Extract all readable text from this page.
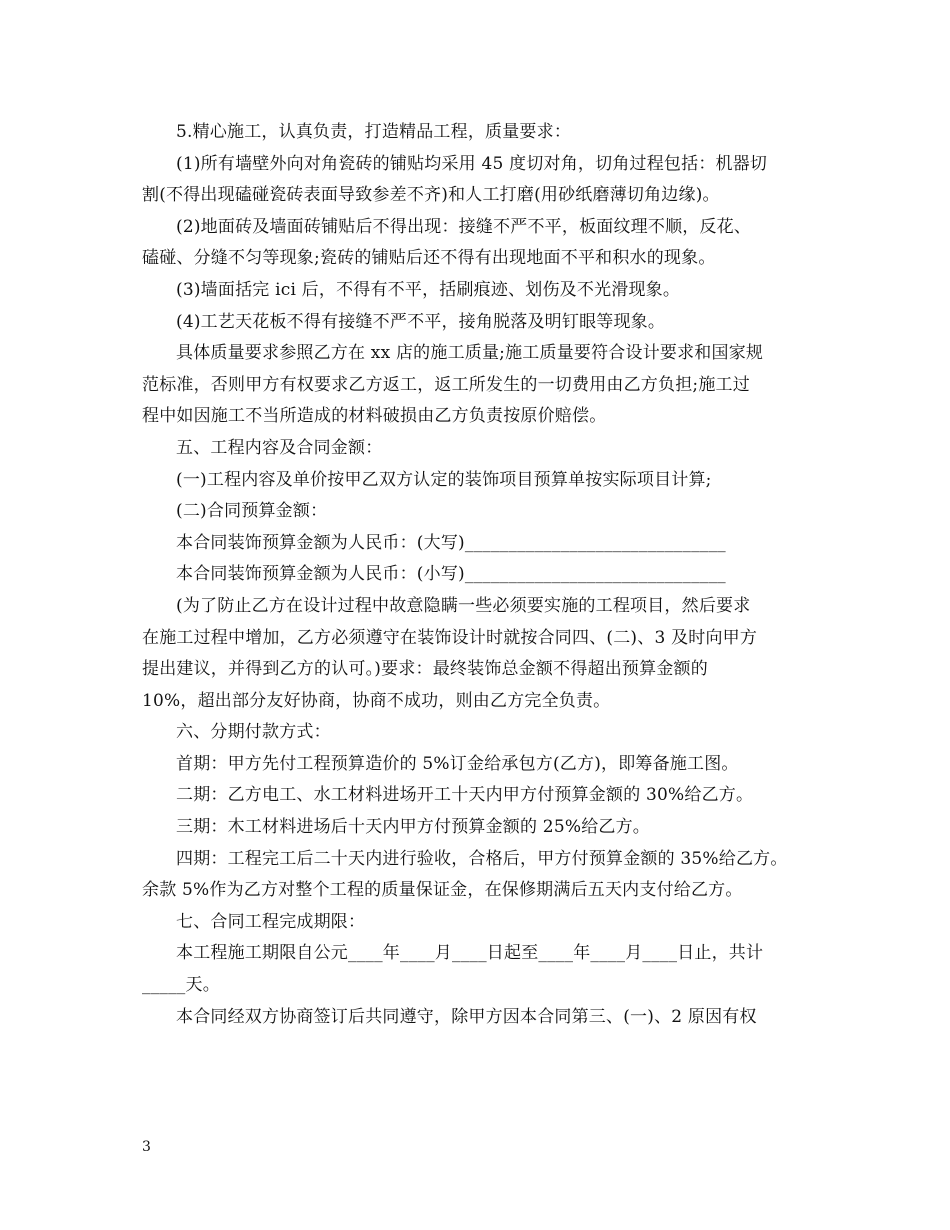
5.精心施工，认真负责，打造精品工程，质量要求：
(1)所有墙壁外向对角瓷砖的铺贴均采用 45 度切对角，切角过程包括：机器切
割(不得出现磕碰瓷砖表面导致参差不齐)和人工打磨(用砂纸磨薄切角边缘)。
(2)地面砖及墙面砖铺贴后不得出现：接缝不严不平，板面纹理不顺，反花、
磕碰、分缝不匀等现象;瓷砖的铺贴后还不得有出现地面不平和积水的现象。
(3)墙面括完 ici 后，不得有不平，括刷痕迹、划伤及不光滑现象。
(4)工艺天花板不得有接缝不严不平，接角脱落及明钉眼等现象。
具体质量要求参照乙方在 xx 店的施工质量;施工质量要符合设计要求和国家规
范标准，否则甲方有权要求乙方返工，返工所发生的一切费用由乙方负担;施工过
程中如因施工不当所造成的材料破损由乙方负责按原价赔偿。
五、工程内容及合同金额：
(一)工程内容及单价按甲乙双方认定的装饰项目预算单按实际项目计算;
(二)合同预算金额：
本合同装饰预算金额为人民币：(大写)______________________________
本合同装饰预算金额为人民币：(小写)______________________________
(为了防止乙方在设计过程中故意隐瞒一些必须要实施的工程项目，然后要求
在施工过程中增加，乙方必须遵守在装饰设计时就按合同四、(二)、3 及时向甲方
提出建议，并得到乙方的认可。)要求：最终装饰总金额不得超出预算金额的
10%，超出部分友好协商，协商不成功，则由乙方完全负责。
六、分期付款方式：
首期：甲方先付工程预算造价的 5%订金给承包方(乙方)，即筹备施工图。
二期：乙方电工、水工材料进场开工十天内甲方付预算金额的 30%给乙方。
三期：木工材料进场后十天内甲方付预算金额的 25%给乙方。
四期：工程完工后二十天内进行验收，合格后，甲方付预算金额的 35%给乙方。
余款 5%作为乙方对整个工程的质量保证金，在保修期满后五天内支付给乙方。
七、合同工程完成期限：
本工程施工期限自公元____年____月____日起至____年____月____日止，共计
_____天。
本合同经双方协商签订后共同遵守，除甲方因本合同第三、(一)、2 原因有权
3
